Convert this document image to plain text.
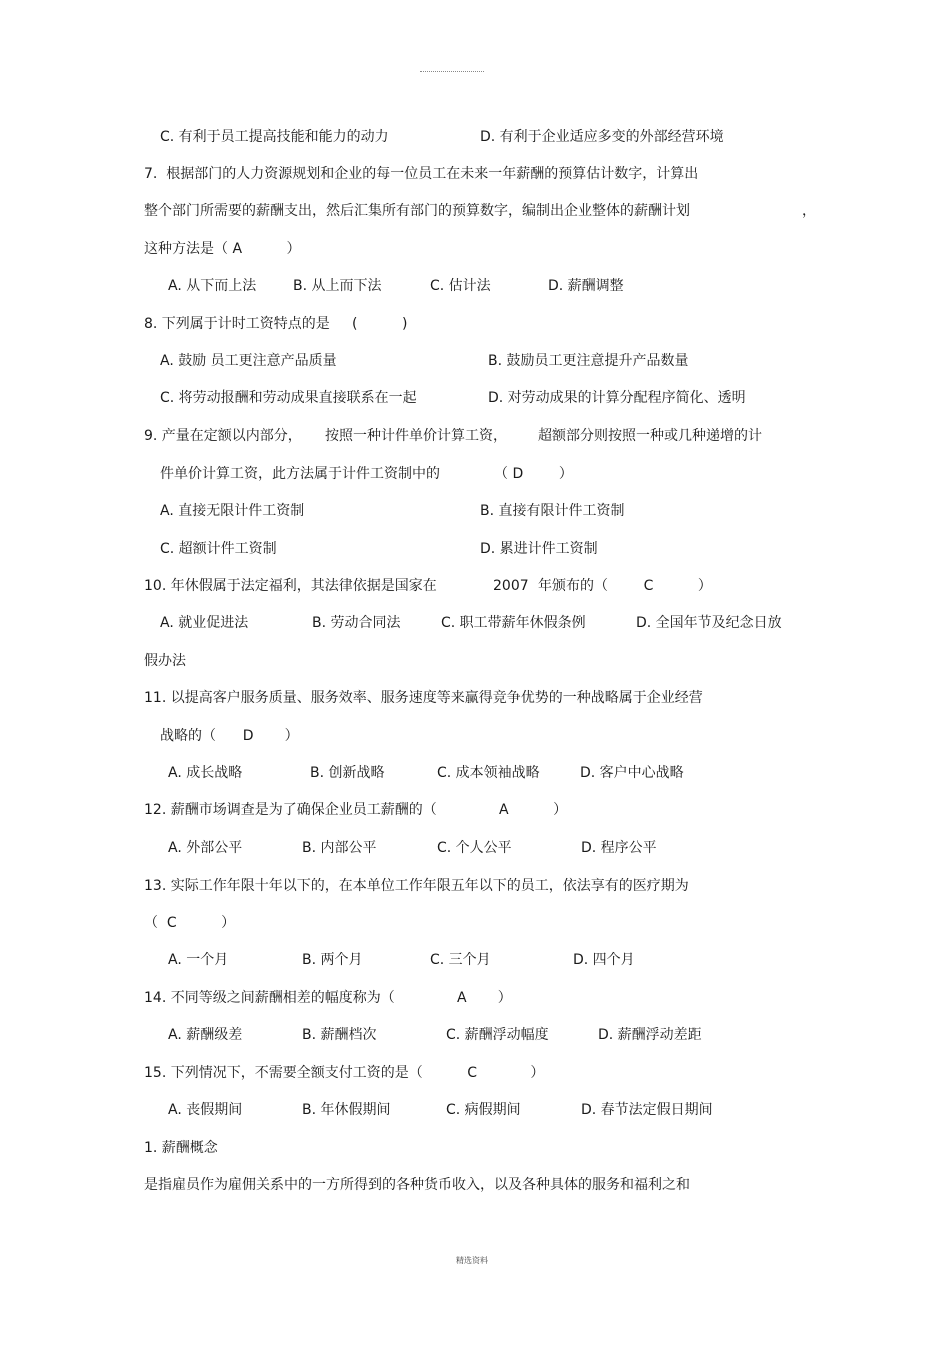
C. 有利于员工提高技能和能力的动力	D. 有利于企业适应多变的外部经营环境
7.  根据部门的人力资源规划和企业的每一位员工在未来一年薪酬的预算估计数字，计算出
整个部门所需要的薪酬支出，然后汇集所有部门的预算数字，编制出企业整体的薪酬计划	，
这种方法是（ A          ）
A. 从下而上法	B. 从上而下法	C. 估计法	D. 薪酬调整
8. 下列属于计时工资特点的是     (          )
A. 鼓励 员工更注意产品质量	B. 鼓励员工更注意提升产品数量
C. 将劳动报酬和劳动成果直接联系在一起	D. 对劳动成果的计算分配程序简化、透明
9. 产量在定额以内部分， 按照一种计件单价计算工资， 超额部分则按照一种或几种递增的计
件单价计算工资，此方法属于计件工资制中的	（ D        ）
A. 直接无限计件工资制	B. 直接有限计件工资制
C. 超额计件工资制	D. 累进计件工资制
10. 年休假属于法定福利，其法律依据是国家在	2007 年颁布的（        C          ）
A. 就业促进法	B. 劳动合同法	C. 职工带薪年休假条例	D. 全国年节及纪念日放
假办法
11. 以提高客户服务质量、服务效率、服务速度等来赢得竞争优势的一种战略属于企业经营
战略的（      D       ）
A. 成长战略	B. 创新战略	C. 成本领袖战略	D. 客户中心战略
12. 薪酬市场调查是为了确保企业员工薪酬的（              A          ）
A. 外部公平	B. 内部公平	C. 个人公平	D. 程序公平
13. 实际工作年限十年以下的，在本单位工作年限五年以下的员工，依法享有的医疗期为
（  C          ）
A. 一个月	B. 两个月	C. 三个月	D. 四个月
14. 不同等级之间薪酬相差的幅度称为（              A       ）
A. 薪酬级差	B. 薪酬档次	C. 薪酬浮动幅度	D. 薪酬浮动差距
15. 下列情况下，不需要全额支付工资的是（          C            ）
A. 丧假期间	B. 年休假期间	C. 病假期间	D. 春节法定假日期间
1. 薪酬概念
是指雇员作为雇佣关系中的一方所得到的各种货币收入，以及各种具体的服务和福利之和
精选资料
